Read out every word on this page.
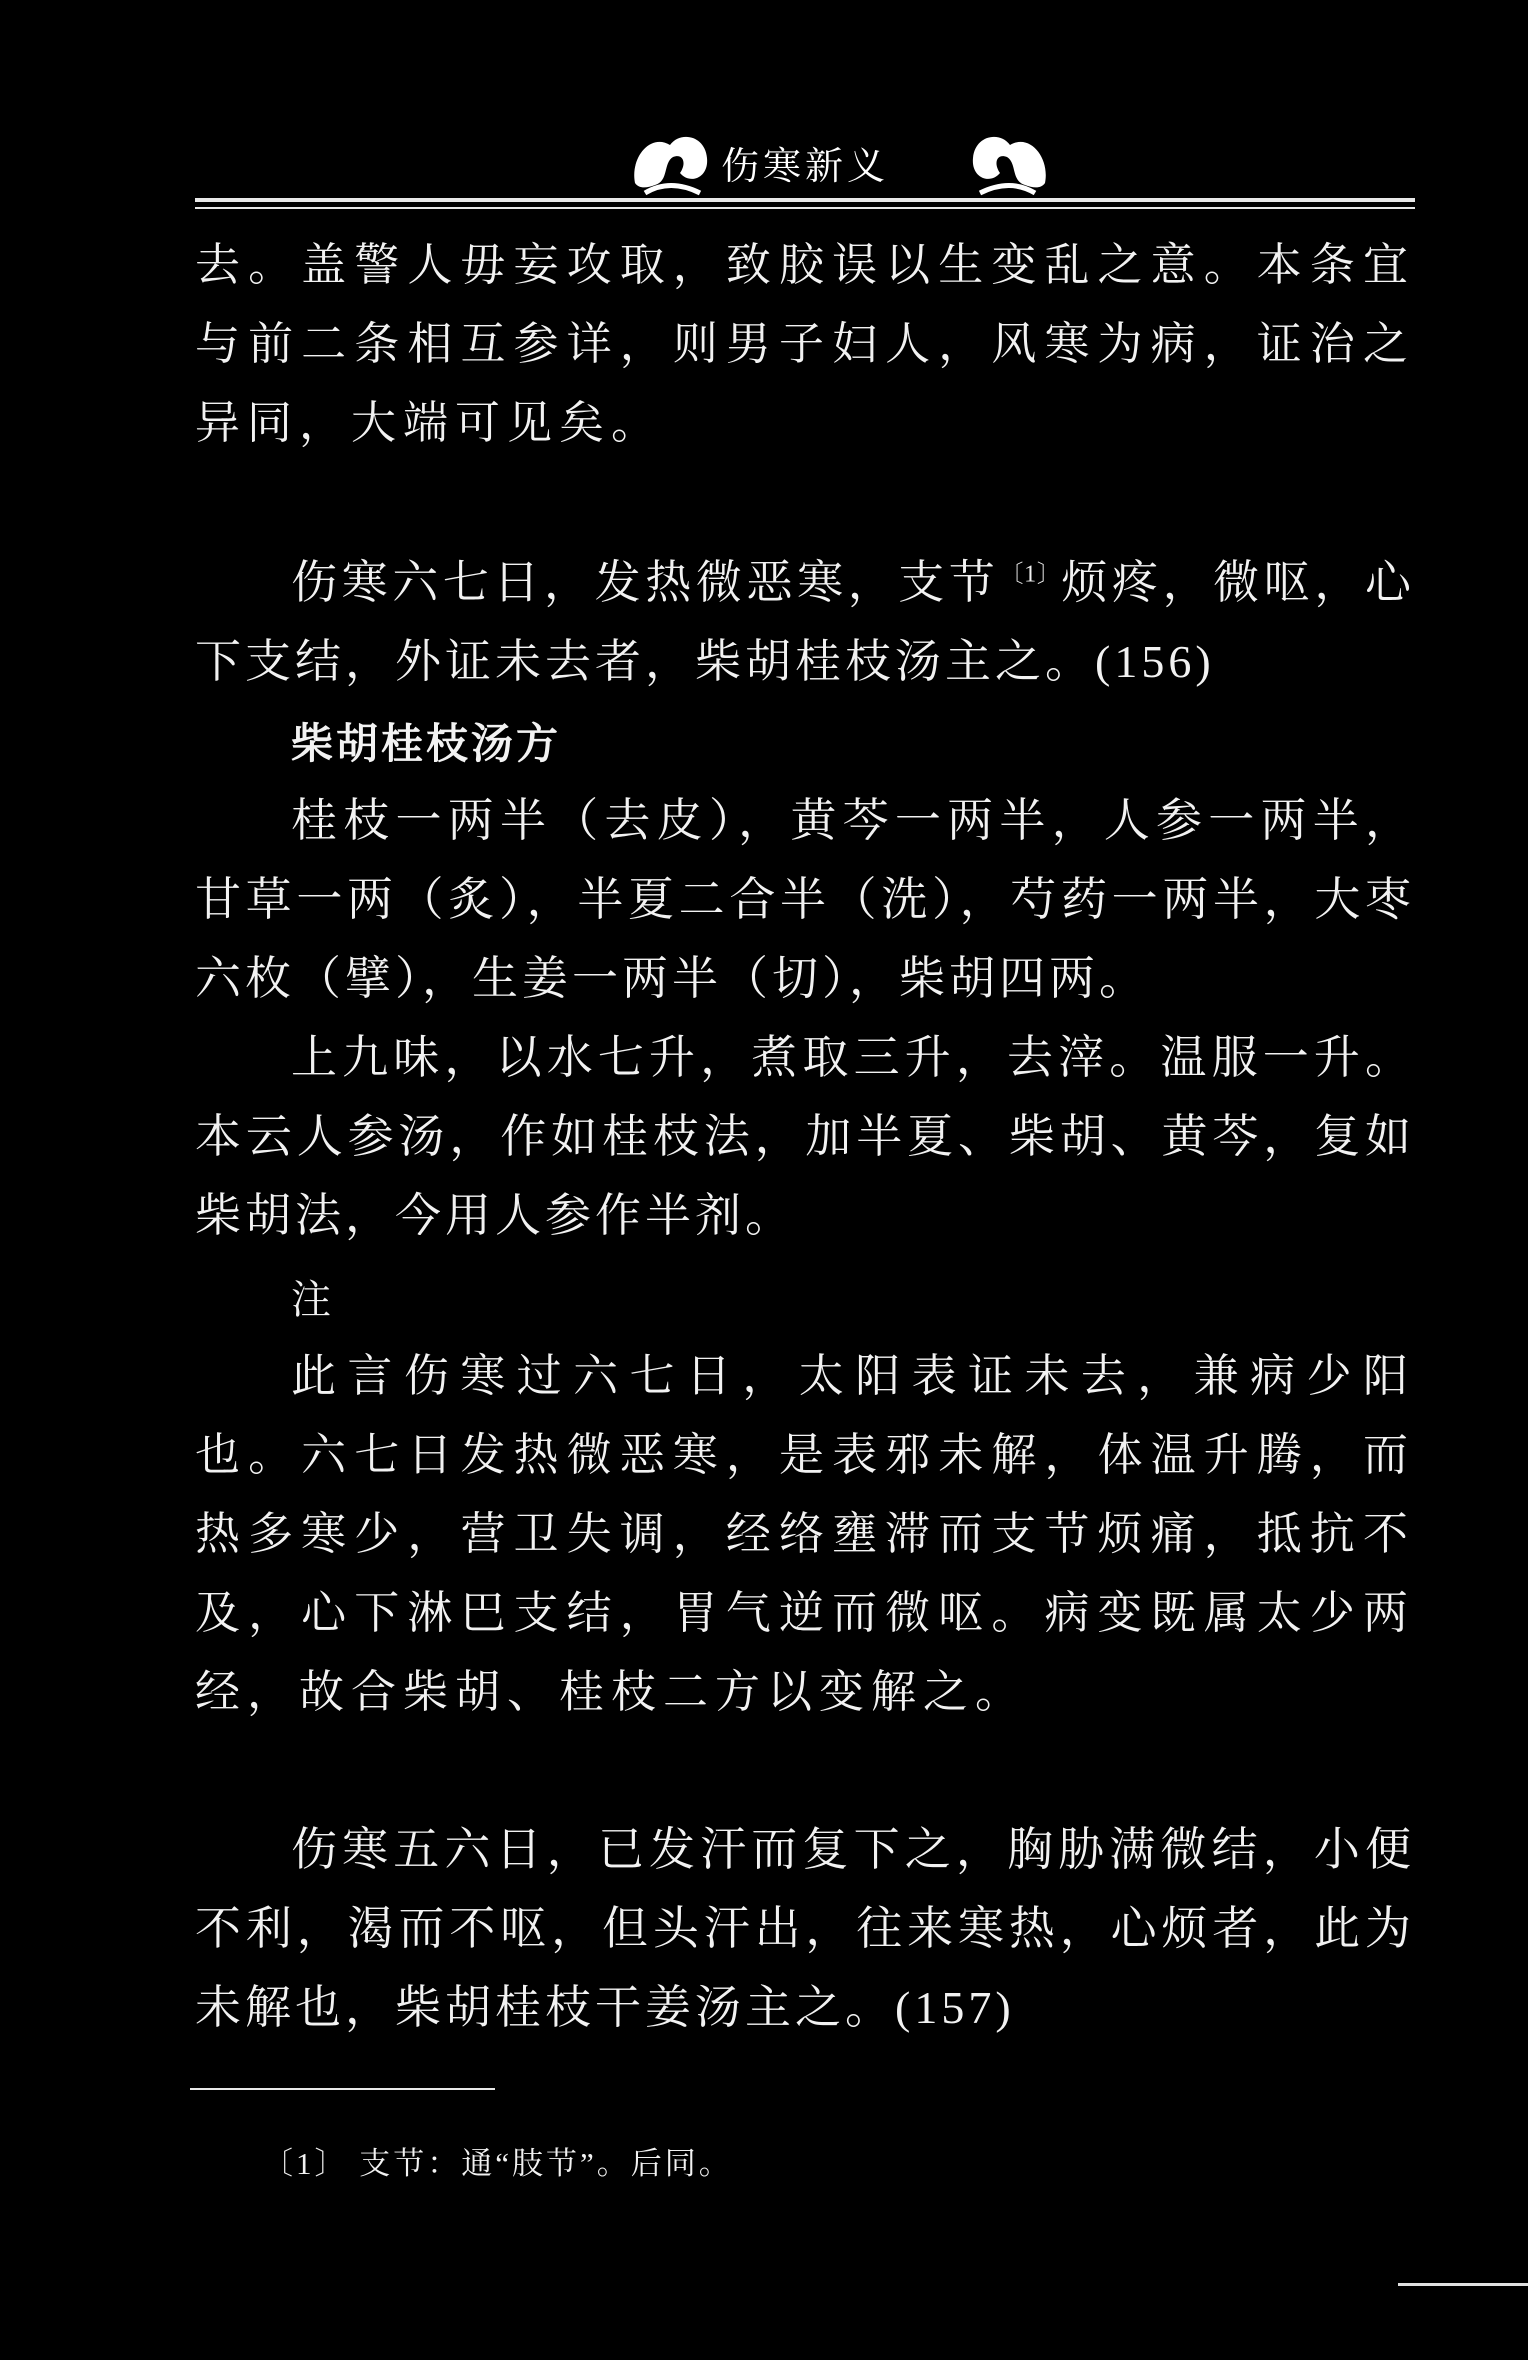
伤寒新义

去。盖警人毋妄攻取，致胶误以生变乱之意。本条宜与前二条相互参详，则男子妇人，风寒为病，证治之异同，大端可见矣。

伤寒六七日，发热微恶寒，支节$^{〔1〕}$烦疼，微呕，心下支结，外证未去者，柴胡桂枝汤主之。(156)

柴胡桂枝汤方

桂枝一两半（去皮），黄芩一两半，人参一两半，甘草一两（炙），半夏二合半（洗），芍药一两半，大枣六枚（擘），生姜一两半（切），柴胡四两。

上九味，以水七升，煮取三升，去滓。温服一升。本云人参汤，作如桂枝法，加半夏、柴胡、黄芩，复如柴胡法，今用人参作半剂。

注

此言伤寒过六七日，太阳表证未去，兼病少阳也。六七日发热微恶寒，是表邪未解，体温升腾，而热多寒少，营卫失调，经络壅滞而支节烦痛，抵抗不及，心下淋巴支结，胃气逆而微呕。病变既属太少两经，故合柴胡、桂枝二方以变解之。

伤寒五六日，已发汗而复下之，胸胁满微结，小便不利，渴而不呕，但头汗出，往来寒热，心烦者，此为未解也，柴胡桂枝干姜汤主之。(157)

〔1〕 支节：通“肢节”。后同。
